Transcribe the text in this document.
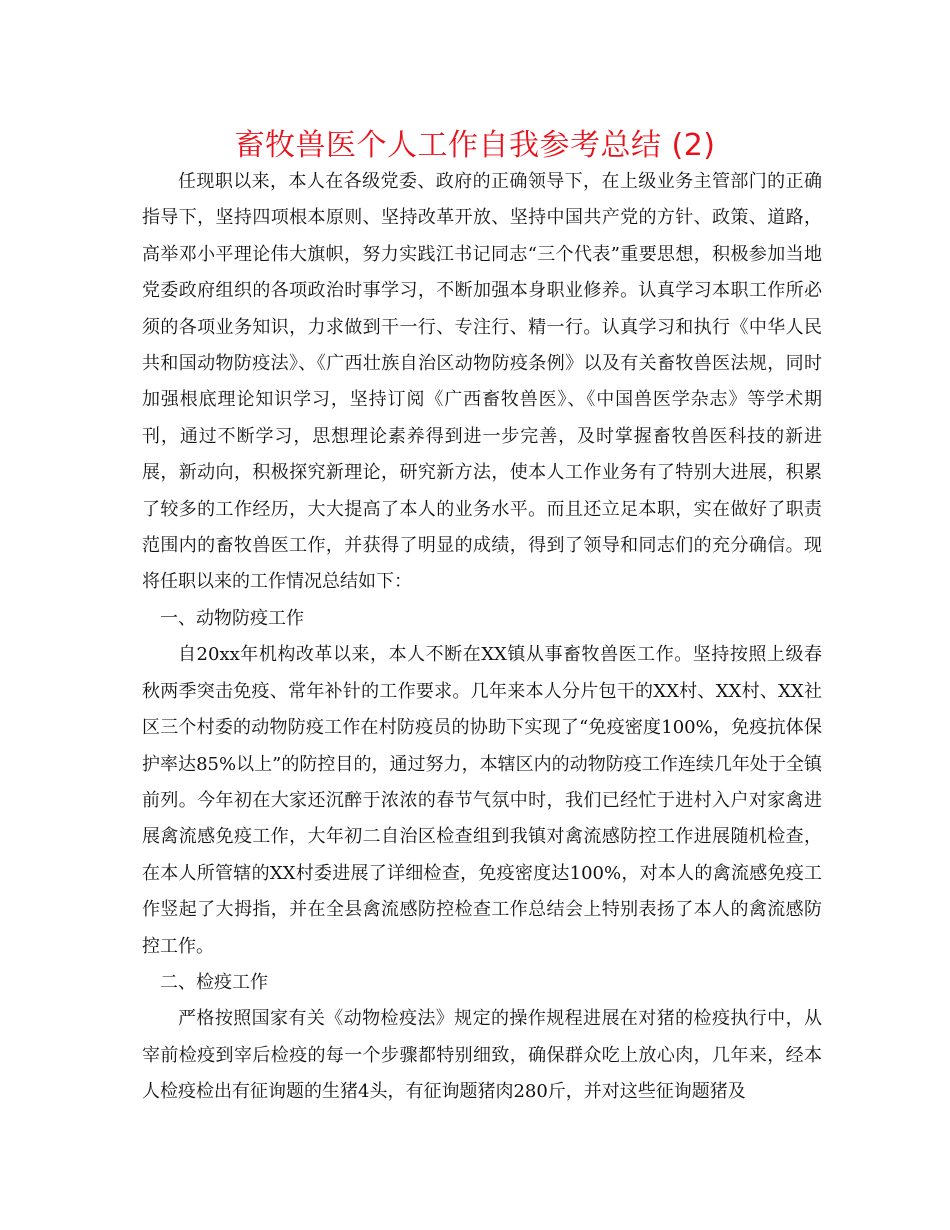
畜牧兽医个人工作自我参考总结 (2)

任现职以来，本人在各级党委、政府的正确领导下，在上级业务主管部门的正确指导下，坚持四项根本原则、坚持改革开放、坚持中国共产党的方针、政策、道路，高举邓小平理论伟大旗帜，努力实践江书记同志“三个代表”重要思想，积极参加当地党委政府组织的各项政治时事学习，不断加强本身职业修养。认真学习本职工作所必须的各项业务知识，力求做到干一行、专注行、精一行。认真学习和执行《中华人民共和国动物防疫法》、《广西壮族自治区动物防疫条例》以及有关畜牧兽医法规，同时加强根底理论知识学习，坚持订阅《广西畜牧兽医》、《中国兽医学杂志》等学术期刊，通过不断学习，思想理论素养得到进一步完善，及时掌握畜牧兽医科技的新进展，新动向，积极探究新理论，研究新方法，使本人工作业务有了特别大进展，积累了较多的工作经历，大大提高了本人的业务水平。而且还立足本职，实在做好了职责范围内的畜牧兽医工作，并获得了明显的成绩，得到了领导和同志们的充分确信。现将任职以来的工作情况总结如下：

一、动物防疫工作

自20xx年机构改革以来，本人不断在XX镇从事畜牧兽医工作。坚持按照上级春秋两季突击免疫、常年补针的工作要求。几年来本人分片包干的XX村、XX村、XX社区三个村委的动物防疫工作在村防疫员的协助下实现了“免疫密度100%，免疫抗体保护率达85%以上”的防控目的，通过努力，本辖区内的动物防疫工作连续几年处于全镇前列。今年初在大家还沉醉于浓浓的春节气氛中时，我们已经忙于进村入户对家禽进展禽流感免疫工作，大年初二自治区检查组到我镇对禽流感防控工作进展随机检查，在本人所管辖的XX村委进展了详细检查，免疫密度达100%，对本人的禽流感免疫工作竖起了大拇指，并在全县禽流感防控检查工作总结会上特别表扬了本人的禽流感防控工作。

二、检疫工作

严格按照国家有关《动物检疫法》规定的操作规程进展在对猪的检疫执行中，从宰前检疫到宰后检疫的每一个步骤都特别细致，确保群众吃上放心肉，几年来，经本人检疫检出有征询题的生猪4头，有征询题猪肉280斤，并对这些征询题猪及
